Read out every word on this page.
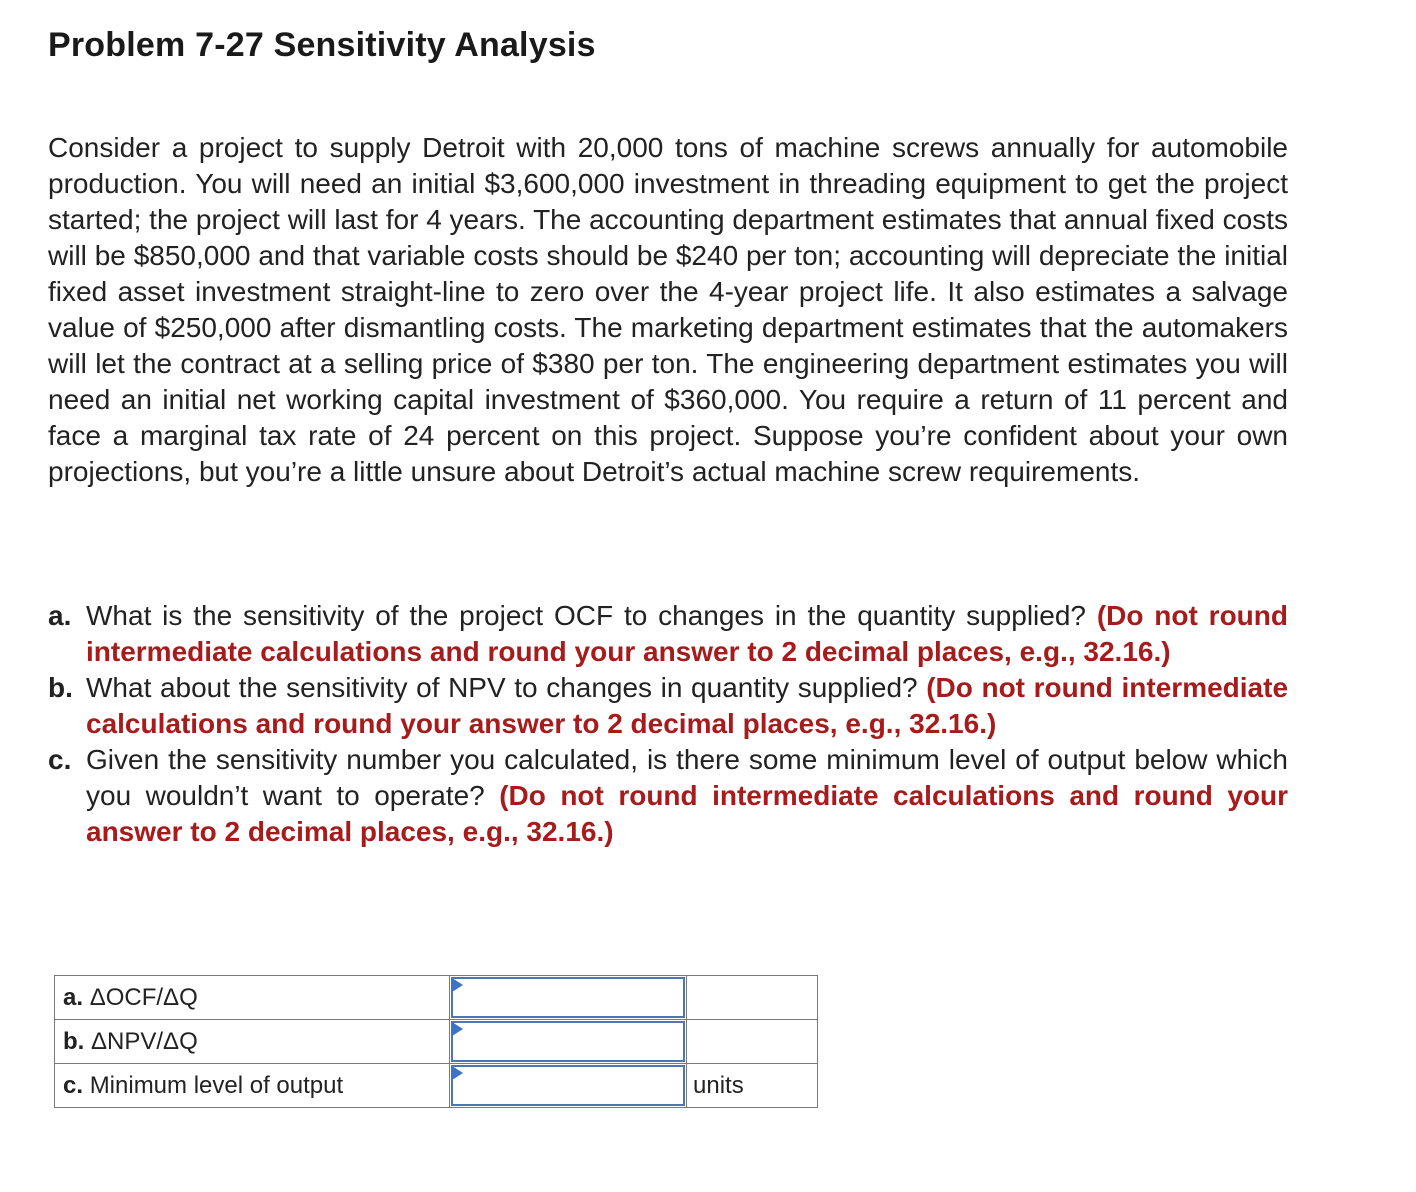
Problem 7-27 Sensitivity Analysis

Consider a project to supply Detroit with 20,000 tons of machine screws annually for automobile production. You will need an initial $3,600,000 investment in threading equipment to get the project started; the project will last for 4 years. The accounting department estimates that annual fixed costs will be $850,000 and that variable costs should be $240 per ton; accounting will depreciate the initial fixed asset investment straight-line to zero over the 4-year project life. It also estimates a salvage value of $250,000 after dismantling costs. The marketing department estimates that the automakers will let the contract at a selling price of $380 per ton. The engineering department estimates you will need an initial net working capital investment of $360,000. You require a return of 11 percent and face a marginal tax rate of 24 percent on this project. Suppose you’re confident about your own projections, but you’re a little unsure about Detroit’s actual machine screw requirements.

a. What is the sensitivity of the project OCF to changes in the quantity supplied? (Do not round intermediate calculations and round your answer to 2 decimal places, e.g., 32.16.)
b. What about the sensitivity of NPV to changes in quantity supplied? (Do not round intermediate calculations and round your answer to 2 decimal places, e.g., 32.16.)
c. Given the sensitivity number you calculated, is there some minimum level of output below which you wouldn’t want to operate? (Do not round intermediate calculations and round your answer to 2 decimal places, e.g., 32.16.)
a. ΔOCF/ΔQ	

b. ΔNPV/ΔQ	

c. Minimum level of output		units
